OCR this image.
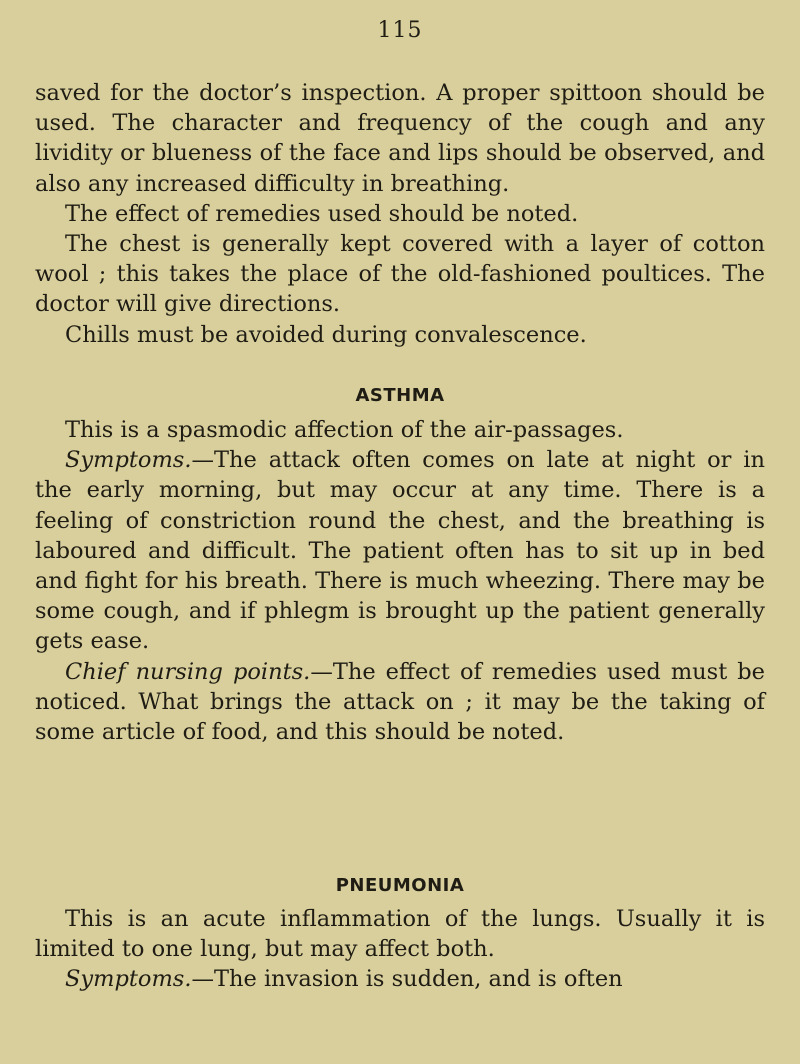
115

saved for the doctor’s inspection. A proper spittoon should be used. The character and frequency of the cough and any lividity or blueness of the face and lips should be observed, and also any increased difficulty in breathing.

The effect of remedies used should be noted.

The chest is generally kept covered with a layer of cotton wool ; this takes the place of the old-fashioned poultices. The doctor will give directions.

Chills must be avoided during convalescence.

ASTHMA

This is a spasmodic affection of the air-passages.

Symptoms.—The attack often comes on late at night or in the early morning, but may occur at any time. There is a feeling of constriction round the chest, and the breathing is laboured and difficult. The patient often has to sit up in bed and fight for his breath. There is much wheezing. There may be some cough, and if phlegm is brought up the patient generally gets ease.

Chief nursing points.—The effect of remedies used must be noticed. What brings the attack on ; it may be the taking of some article of food, and this should be noted.

PNEUMONIA

This is an acute inflammation of the lungs. Usually it is limited to one lung, but may affect both.

Symptoms.—The invasion is sudden, and is often
